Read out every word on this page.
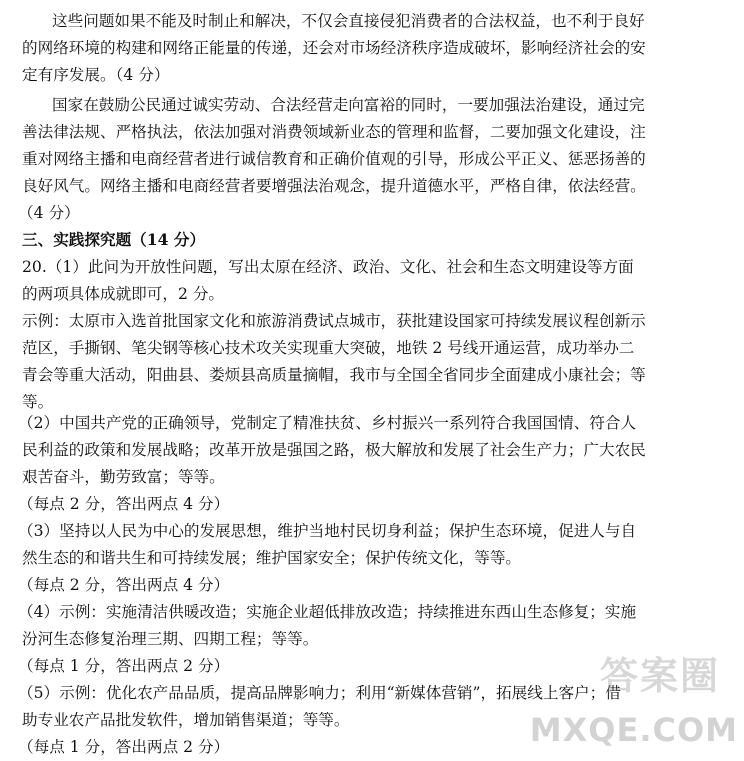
这些问题如果不能及时制止和解决，不仅会直接侵犯消费者的合法权益，也不利于良好
的网络环境的构建和网络正能量的传递，还会对市场经济秩序造成破坏，影响经济社会的安
定有序发展。（4 分）
国家在鼓励公民通过诚实劳动、合法经营走向富裕的同时，一要加强法治建设，通过完
善法律法规、严格执法，依法加强对消费领域新业态的管理和监督，二要加强文化建设，注
重对网络主播和电商经营者进行诚信教育和正确价值观的引导，形成公平正义、惩恶扬善的
良好风气。网络主播和电商经营者要增强法治观念，提升道德水平，严格自律，依法经营。
（4 分）
三、实践探究题（14 分）
20.（1）此问为开放性问题，写出太原在经济、政治、文化、社会和生态文明建设等方面
的两项具体成就即可，2 分。
示例：太原市入选首批国家文化和旅游消费试点城市，获批建设国家可持续发展议程创新示
范区，手撕钢、笔尖钢等核心技术攻关实现重大突破，地铁 2 号线开通运营，成功举办二
青会等重大活动，阳曲县、娄烦县高质量摘帽，我市与全国全省同步全面建成小康社会；等
等。
（2）中国共产党的正确领导，党制定了精准扶贫、乡村振兴一系列符合我国国情、符合人
民利益的政策和发展战略；改革开放是强国之路，极大解放和发展了社会生产力；广大农民
艰苦奋斗，勤劳致富；等等。
（每点 2 分，答出两点 4 分）
（3）坚持以人民为中心的发展思想，维护当地村民切身利益；保护生态环境，促进人与自
然生态的和谐共生和可持续发展；维护国家安全；保护传统文化，等等。
（每点 2 分，答出两点 4 分）
（4）示例：实施清洁供暖改造；实施企业超低排放改造；持续推进东西山生态修复；实施
汾河生态修复治理三期、四期工程；等等。
（每点 1 分，答出两点 2 分）
（5）示例：优化农产品品质，提高品牌影响力；利用“新媒体营销”，拓展线上客户；借
助专业农产品批发软件，增加销售渠道；等等。
（每点 1 分，答出两点 2 分）
答案圈
MXQE.COM
